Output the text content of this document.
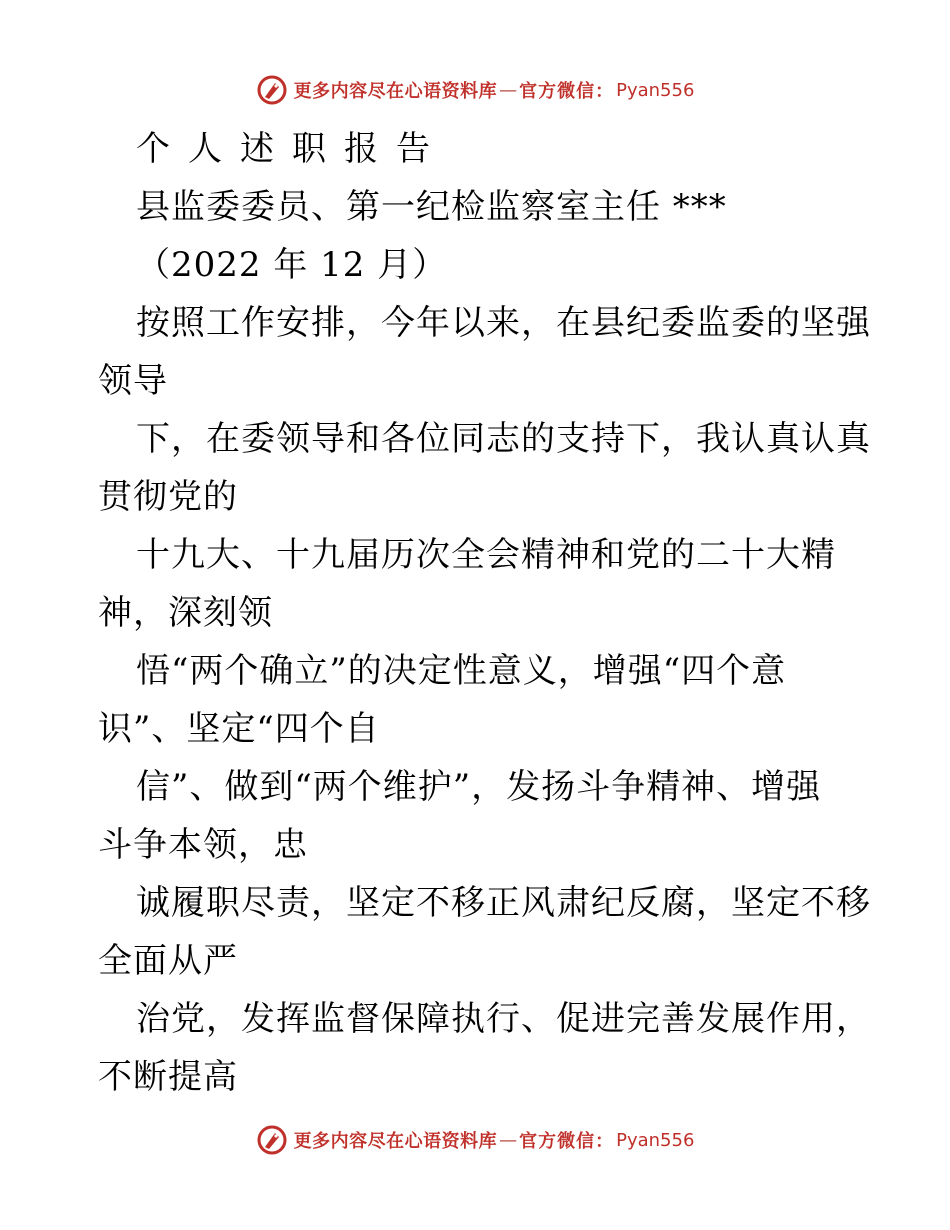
更多内容尽在心语资料库 — 官方微信： Pyan556
个人述职报告
县监委委员、第一纪检监察室主任 ***
（2022 年 12 月）
按照工作安排，今年以来，在县纪委监委的坚强
领导
下，在委领导和各位同志的支持下，我认真认真
贯彻党的
十九大、十九届历次全会精神和党的二十大精
神，深刻领
悟“两个确立”的决定性意义，增强“四个意
识”、坚定“四个自
信”、做到“两个维护”，发扬斗争精神、增强
斗争本领，忠
诚履职尽责，坚定不移正风肃纪反腐，坚定不移
全面从严
治党，发挥监督保障执行、促进完善发展作用，
不断提高
更多内容尽在心语资料库 — 官方微信： Pyan556
